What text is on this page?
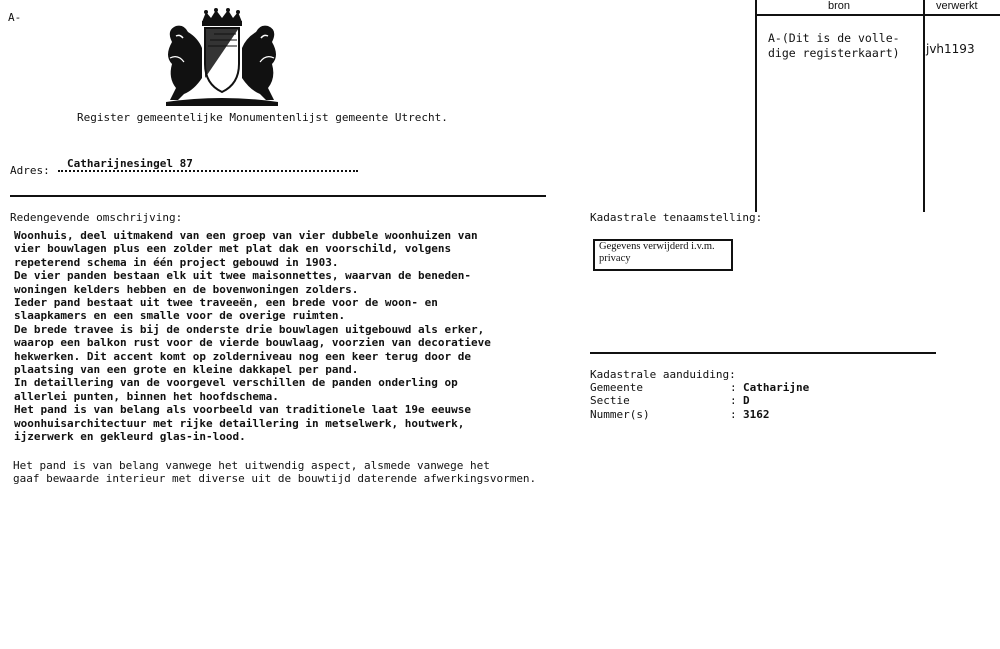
A-
Register gemeentelijke Monumentenlijst gemeente Utrecht.
Catharijnesingel 87
Adres:
bron	verwerkt
A-(Dit is de volle-
dige registerkaart) jvh1193
Redengevende omschrijving:
Woonhuis, deel uitmakend van een groep van vier dubbele woonhuizen van
vier bouwlagen plus een zolder met plat dak en voorschild, volgens
repeterend schema in één project gebouwd in 1903.
De vier panden bestaan elk uit twee maisonnettes, waarvan de beneden-
woningen kelders hebben en de bovenwoningen zolders.
Ieder pand bestaat uit twee traveeën, een brede voor de woon- en
slaapkamers en een smalle voor de overige ruimten.
De brede travee is bij de onderste drie bouwlagen uitgebouwd als erker,
waarop een balkon rust voor de vierde bouwlaag, voorzien van decoratieve
hekwerken. Dit accent komt op zolderniveau nog een keer terug door de
plaatsing van een grote en kleine dakkapel per pand.
In detaillering van de voorgevel verschillen de panden onderling op
allerlei punten, binnen het hoofdschema.
Het pand is van belang als voorbeeld van traditionele laat 19e eeuwse
woonhuisarchitectuur met rijke detaillering in metselwerk, houtwerk,
ijzerwerk en gekleurd glas-in-lood.
Het pand is van belang vanwege het uitwendig aspect, alsmede vanwege het
gaaf bewaarde interieur met diverse uit de bouwtijd daterende afwerkingsvormen.
Kadastrale tenaamstelling:
Gegevens verwijderd i.v.m.
privacy
Kadastrale aanduiding:
Gemeente	: Catharijne
Sectie	: D
Nummer(s)	: 3162
